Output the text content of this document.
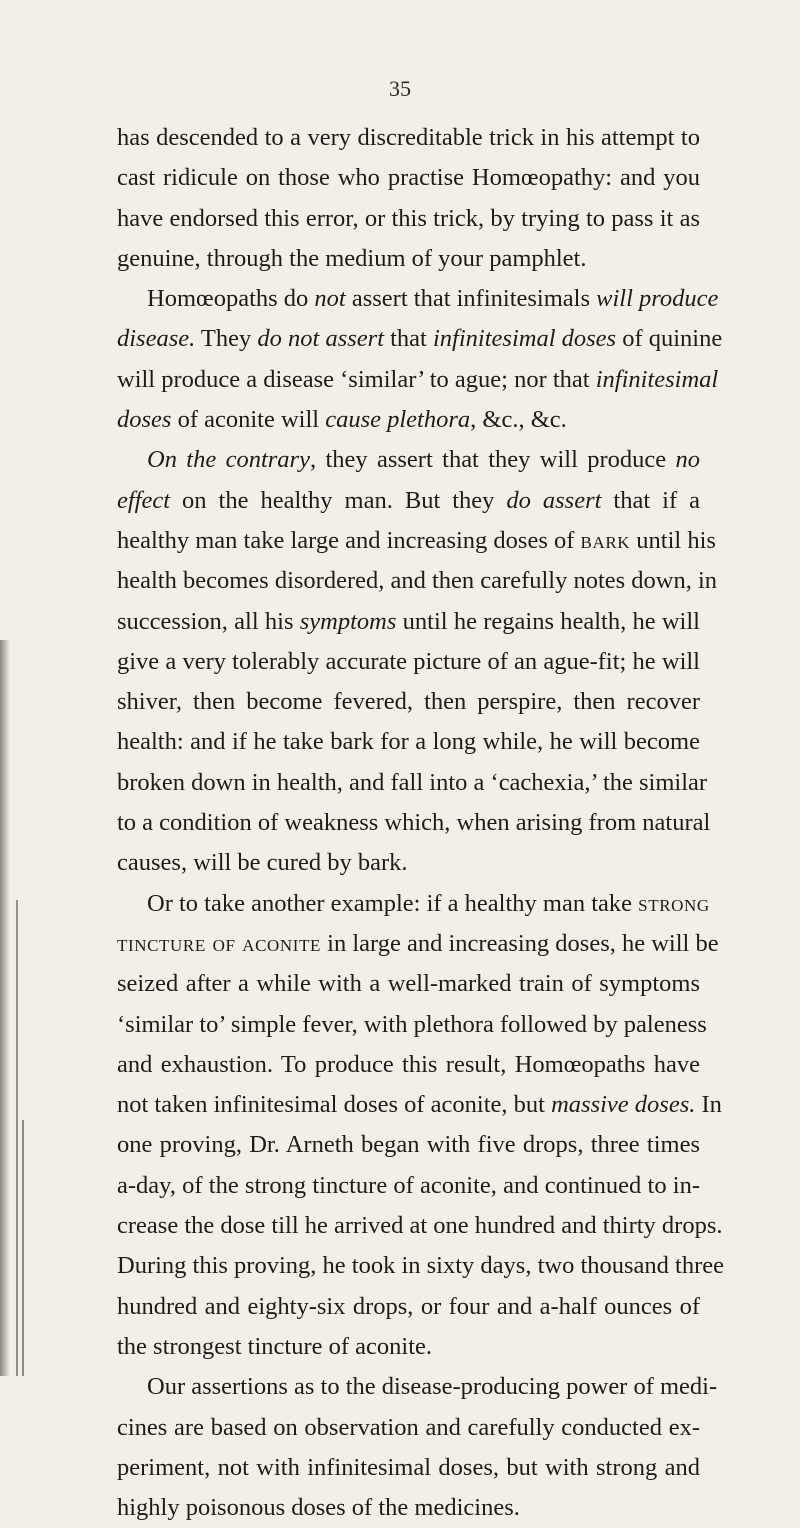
35
has descended to a very discreditable trick in his attempt to
cast ridicule on those who practise Homœopathy: and you
have endorsed this error, or this trick, by trying to pass it as
genuine, through the medium of your pamphlet.
Homœopaths do not assert that infinitesimals will produce
disease. They do not assert that infinitesimal doses of quinine
will produce a disease ‘similar’ to ague; nor that infinitesimal
doses of aconite will cause plethora, &c., &c.
On the contrary, they assert that they will produce no
effect on the healthy man. But they do assert that if a
healthy man take large and increasing doses of bark until his
health becomes disordered, and then carefully notes down, in
succession, all his symptoms until he regains health, he will
give a very tolerably accurate picture of an ague-fit; he will
shiver, then become fevered, then perspire, then recover
health: and if he take bark for a long while, he will become
broken down in health, and fall into a ‘cachexia,’ the similar
to a condition of weakness which, when arising from natural
causes, will be cured by bark.
Or to take another example: if a healthy man take strong
tincture of aconite in large and increasing doses, he will be
seized after a while with a well-marked train of symptoms
‘similar to’ simple fever, with plethora followed by paleness
and exhaustion. To produce this result, Homœopaths have
not taken infinitesimal doses of aconite, but massive doses. In
one proving, Dr. Arneth began with five drops, three times
a-day, of the strong tincture of aconite, and continued to in-
crease the dose till he arrived at one hundred and thirty drops.
During this proving, he took in sixty days, two thousand three
hundred and eighty-six drops, or four and a-half ounces of
the strongest tincture of aconite.
Our assertions as to the disease-producing power of medi-
cines are based on observation and carefully conducted ex-
periment, not with infinitesimal doses, but with strong and
highly poisonous doses of the medicines.
